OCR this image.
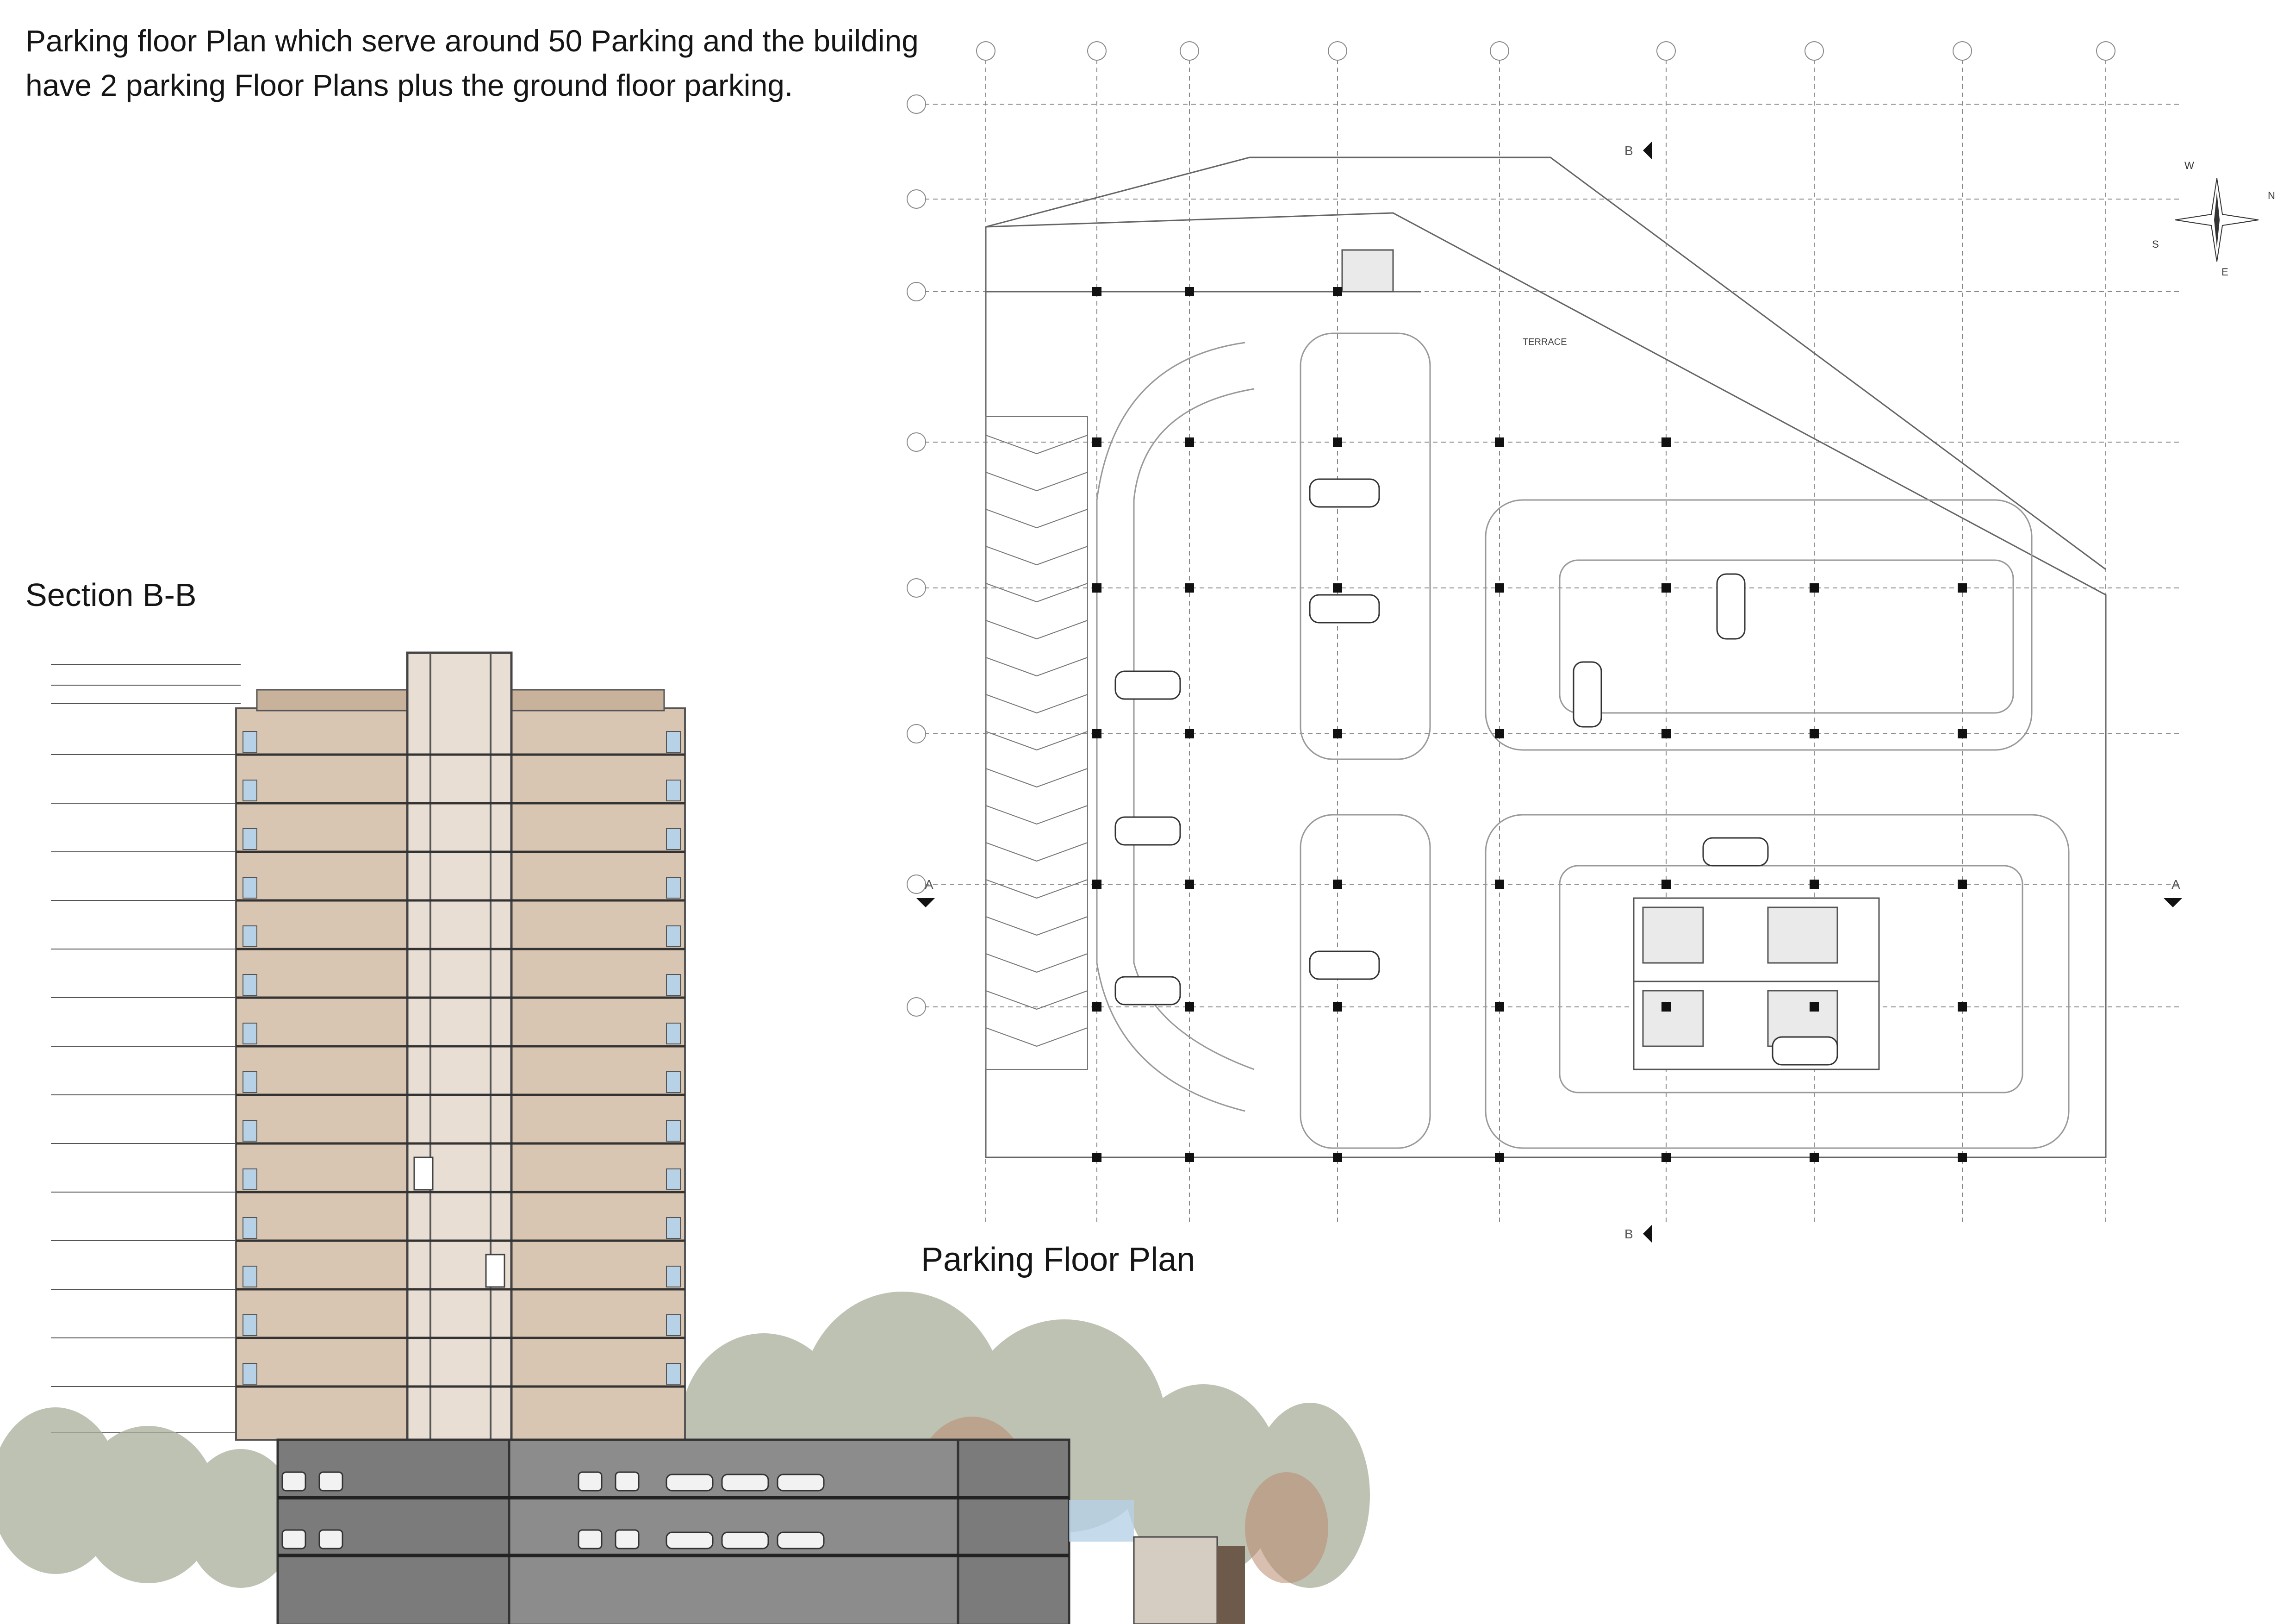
Parking floor Plan which serve around 50 Parking and the building have 2 parking Floor Plans plus the ground floor parking.
Section B-B
Parking Floor Plan
W
N
S
E
B
B
A	A
TERRACE
